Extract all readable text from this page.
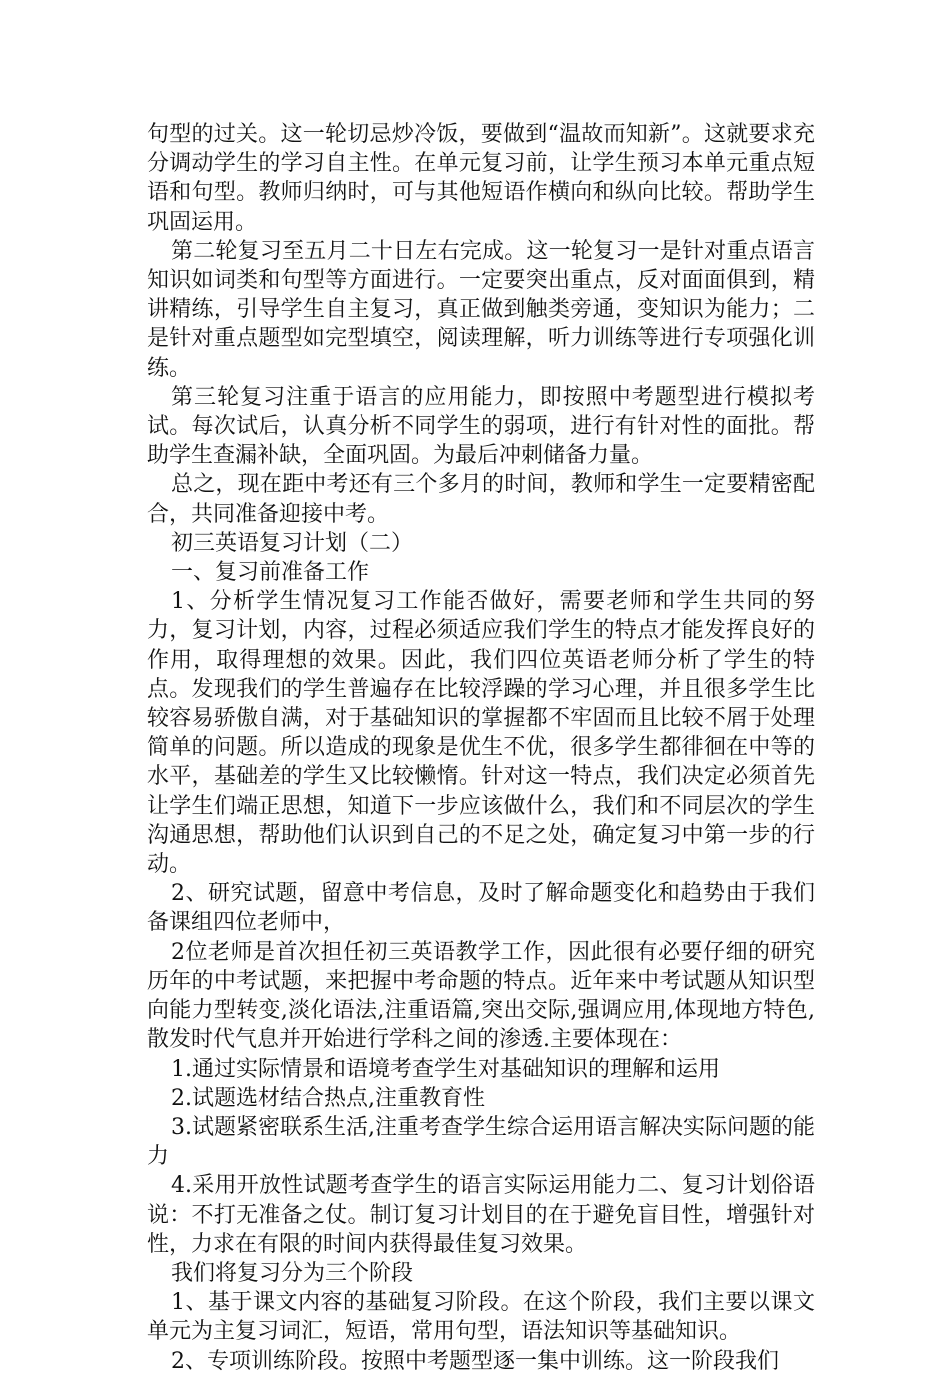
句型的过关。这一轮切忌炒冷饭，要做到“温故而知新”。这就要求充分调动学生的学习自主性。在单元复习前，让学生预习本单元重点短语和句型。教师归纳时，可与其他短语作横向和纵向比较。帮助学生巩固运用。

第二轮复习至五月二十日左右完成。这一轮复习一是针对重点语言知识如词类和句型等方面进行。一定要突出重点，反对面面俱到，精讲精练，引导学生自主复习，真正做到触类旁通，变知识为能力；二是针对重点题型如完型填空，阅读理解，听力训练等进行专项强化训练。

第三轮复习注重于语言的应用能力，即按照中考题型进行模拟考试。每次试后，认真分析不同学生的弱项，进行有针对性的面批。帮助学生查漏补缺，全面巩固。为最后冲刺储备力量。

总之，现在距中考还有三个多月的时间，教师和学生一定要精密配合，共同准备迎接中考。

初三英语复习计划（二）

一、复习前准备工作

1、分析学生情况复习工作能否做好，需要老师和学生共同的努力，复习计划，内容，过程必须适应我们学生的特点才能发挥良好的作用，取得理想的效果。因此，我们四位英语老师分析了学生的特点。发现我们的学生普遍存在比较浮躁的学习心理，并且很多学生比较容易骄傲自满，对于基础知识的掌握都不牢固而且比较不屑于处理简单的问题。所以造成的现象是优生不优，很多学生都徘徊在中等的水平，基础差的学生又比较懒惰。针对这一特点，我们决定必须首先让学生们端正思想，知道下一步应该做什么，我们和不同层次的学生沟通思想，帮助他们认识到自己的不足之处，确定复习中第一步的行动。

2、研究试题，留意中考信息，及时了解命题变化和趋势由于我们备课组四位老师中，

2位老师是首次担任初三英语教学工作，因此很有必要仔细的研究历年的中考试题，来把握中考命题的特点。近年来中考试题从知识型向能力型转变,淡化语法,注重语篇,突出交际,强调应用,体现地方特色,散发时代气息并开始进行学科之间的渗透.主要体现在：

1.通过实际情景和语境考查学生对基础知识的理解和运用

2.试题选材结合热点,注重教育性

3.试题紧密联系生活,注重考查学生综合运用语言解决实际问题的能力

4.采用开放性试题考查学生的语言实际运用能力二、复习计划俗语说：不打无准备之仗。制订复习计划目的在于避免盲目性，增强针对性，力求在有限的时间内获得最佳复习效果。

我们将复习分为三个阶段

1、基于课文内容的基础复习阶段。在这个阶段，我们主要以课文单元为主复习词汇，短语，常用句型，语法知识等基础知识。

2、专项训练阶段。按照中考题型逐一集中训练。这一阶段我们
